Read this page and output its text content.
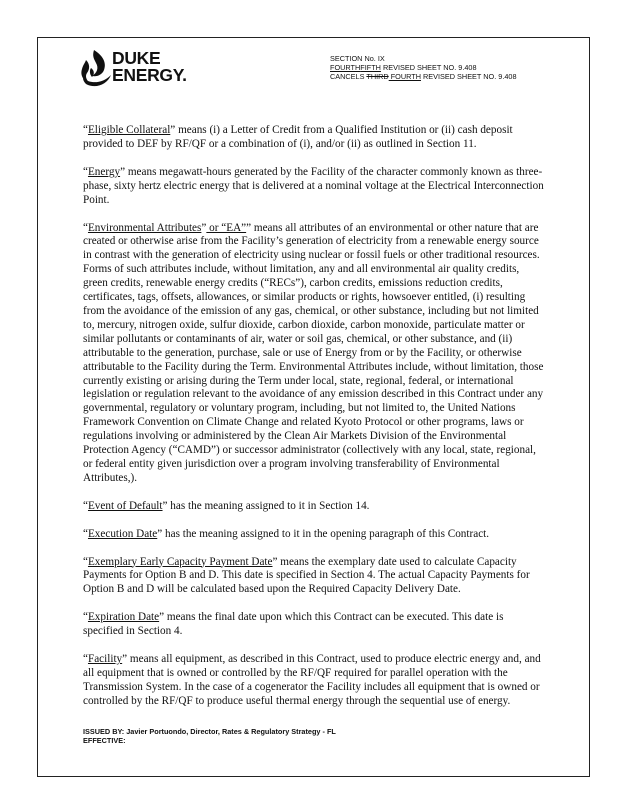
DUKE
ENERGY.
SECTION No. IX
FOURTHFIFTH REVISED SHEET NO. 9.408
CANCELS THIRD FOURTH REVISED SHEET NO. 9.408

“Eligible Collateral” means (i) a Letter of Credit from a Qualified Institution or (ii) cash deposit provided to DEF by RF/QF or a combination of (i), and/or (ii) as outlined in Section 11.

“Energy” means megawatt-hours generated by the Facility of the character commonly known as three-phase, sixty hertz electric energy that is delivered at a nominal voltage at the Electrical Interconnection Point.

“Environmental Attributes” or “EA”” means all attributes of an environmental or other nature that are created or otherwise arise from the Facility’s generation of electricity from a renewable energy source in contrast with the generation of electricity using nuclear or fossil fuels or other traditional resources. Forms of such attributes include, without limitation, any and all environmental air quality credits, green credits, renewable energy credits (“RECs”), carbon credits, emissions reduction credits, certificates, tags, offsets, allowances, or similar products or rights, howsoever entitled, (i) resulting from the avoidance of the emission of any gas, chemical, or other substance, including but not limited to, mercury, nitrogen oxide, sulfur dioxide, carbon dioxide, carbon monoxide, particulate matter or similar pollutants or contaminants of air, water or soil gas, chemical, or other substance, and (ii) attributable to the generation, purchase, sale or use of Energy from or by the Facility, or otherwise attributable to the Facility during the Term. Environmental Attributes include, without limitation, those currently existing or arising during the Term under local, state, regional, federal, or international legislation or regulation relevant to the avoidance of any emission described in this Contract under any governmental, regulatory or voluntary program, including, but not limited to, the United Nations Framework Convention on Climate Change and related Kyoto Protocol or other programs, laws or regulations involving or administered by the Clean Air Markets Division of the Environmental Protection Agency (“CAMD”) or successor administrator (collectively with any local, state, regional, or federal entity given jurisdiction over a program involving transferability of Environmental Attributes,).

“Event of Default” has the meaning assigned to it in Section 14.

“Execution Date” has the meaning assigned to it in the opening paragraph of this Contract.

“Exemplary Early Capacity Payment Date” means the exemplary date used to calculate Capacity Payments for Option B and D. This date is specified in Section 4. The actual Capacity Payments for Option B and D will be calculated based upon the Required Capacity Delivery Date.

“Expiration Date” means the final date upon which this Contract can be executed. This date is specified in Section 4.

“Facility” means all equipment, as described in this Contract, used to produce electric energy and, and all equipment that is owned or controlled by the RF/QF required for parallel operation with the Transmission System. In the case of a cogenerator the Facility includes all equipment that is owned or controlled by the RF/QF to produce useful thermal energy through the sequential use of energy.

ISSUED BY: Javier Portuondo, Director, Rates & Regulatory Strategy - FL
EFFECTIVE:
